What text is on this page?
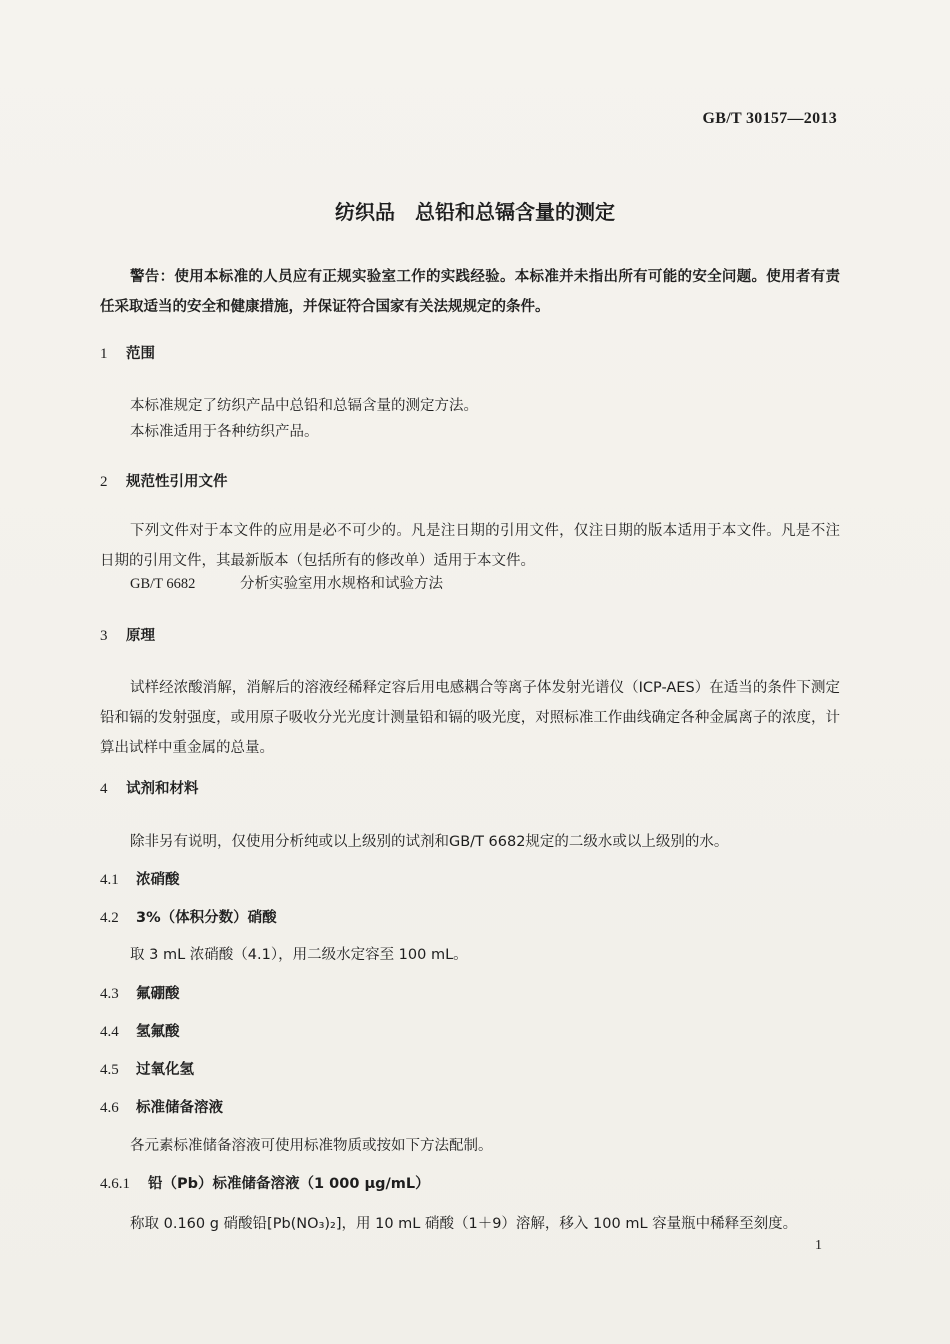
GB/T 30157—2013
纺织品　总铅和总镉含量的测定
警告：使用本标准的人员应有正规实验室工作的实践经验。本标准并未指出所有可能的安全问题。使用者有责任采取适当的安全和健康措施，并保证符合国家有关法规规定的条件。
1 范围
本标准规定了纺织产品中总铅和总镉含量的测定方法。
本标准适用于各种纺织产品。
2 规范性引用文件
下列文件对于本文件的应用是必不可少的。凡是注日期的引用文件，仅注日期的版本适用于本文件。凡是不注日期的引用文件，其最新版本（包括所有的修改单）适用于本文件。
GB/T 6682	分析实验室用水规格和试验方法
3 原理
试样经浓酸消解，消解后的溶液经稀释定容后用电感耦合等离子体发射光谱仪（ICP-AES）在适当的条件下测定铅和镉的发射强度，或用原子吸收分光光度计测量铅和镉的吸光度，对照标准工作曲线确定各种金属离子的浓度，计算出试样中重金属的总量。
4 试剂和材料
除非另有说明，仅使用分析纯或以上级别的试剂和GB/T 6682规定的二级水或以上级别的水。
4.1 浓硝酸
4.2 3%（体积分数）硝酸
取 3 mL 浓硝酸（4.1），用二级水定容至 100 mL。
4.3 氟硼酸
4.4 氢氟酸
4.5 过氧化氢
4.6 标准储备溶液
各元素标准储备溶液可使用标准物质或按如下方法配制。
4.6.1 铅（Pb）标准储备溶液（1 000 μg/mL）
称取 0.160 g 硝酸铅[Pb(NO₃)₂]，用 10 mL 硝酸（1＋9）溶解，移入 100 mL 容量瓶中稀释至刻度。
1
